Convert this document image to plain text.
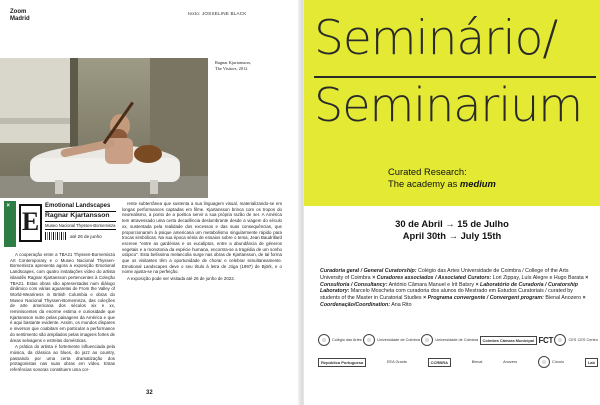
Zoom
Madrid
texto: JOSSELINE BLACK
Ragnar Kjartansson,
The Visitors, 2012
×
zoom E
Emotional Landscapes
Ragnar Kjartansson
Museo Nacional Thyssen-Bornemisza
até 26 de junho

A cooperação entre a TBA21 Thyssen-Bornemisza Art Contemporary e o Museo Nacional Thyssen-Bornemisza apresenta agora a exposição Emotional Landscapes, com quatro instalações vídeo do artista islandês Ragnar Kjartansson pertencentes à Coleção TBA21. Estas obras são apresentadas num diálogo dinâmico com várias aguarelas de From the Valley of World-Weariness in British Columbia e obras do Museo Nacional Thyssen-Bornemisza, das coleções de arte americana dos séculos xix e xx, reminiscentes da enorme estima e curiosidade que Kjartansson nutre pelas paisagens da América e que é aqui bastante evidente. Assim, os mundos díspares e inversos que coabitam em particular a performance do sentimento são ampliados pelas imagens fortes de áreas selvagens e estrelas domésticas.

A prática do artista é fortemente influenciada pela música, da clássica ao blues, do jazz ao country, passando por uma certa dramatização dos protagonistas nas suas obras em vídeo. Estas referências sonoras constituem uma cor-

rente subterrânea que sustenta a sua linguagem visual, materializando-se em longas performances captadas em filme. Kjartansson brinca com os tropos do neorealismo, a ponto de a poética servir a sua própria razão de ser. A América tem atravessado uma certa decadência deslumbrante desde a viagem do século xx, sustentada pela realidade dos excessos e das suas consequências, que proporcionaram à psique americana um metabolismo singularmente rápido para trocas simbólicas. Na sua época sénia de ensaios sobre o tema, Jean Baudrillard escreve "entre as gardénias e os eucaliptos, entre a abundância de géneros vegetais e a monotonia da espécie humana, encontra-se a tragédia de um sonho utópico". Esta belíssima melancolia surge nas obras de Kjartansson, de tal forma que os visitantes têm a oportunidade de chorar e celebrar simultaneamente. Emotional Landscapes deve o seu título à letra de Jóga (1997) de Björk, e o nome ajusta-se na perfeição.

A exposição pode ser visitada até 26 de junho de 2022.

32
Seminário/
Seminarium
Curated Research:
The academy as medium
30 de Abril → 15 de Julho
April 30th → July 15th
Curadoria geral / General Curatorship: Colégio das Artes Universidade de Coimbra / College of the Arts University of Coimbra × Curadores associados / Associated Curators: Lori Zippay, Luís Alegre e Hugo Barata × Consultoria / Consultancy: António Câmara Manuel e Irit Batsry × Laboratório de Curadoria / Curatorship Laboratory: Marcelo Moscheta com curadoria dos alunos do Mestrado em Estudos Curatoriais / curated by students of the Master in Curatorial Studies × Programa convergente / Convergent program: Bienal Anozero × Coordenação/Coordination: Ana Rito
Colégio das Artes	Universidade de Coimbra	Universidade de Coimbra	Coimbra Câmara Municipal FCT	CES CES Centro
República Portuguesa	EEA Grants	CCRBRA	Bienal	Anozero	Círculo	Lab
